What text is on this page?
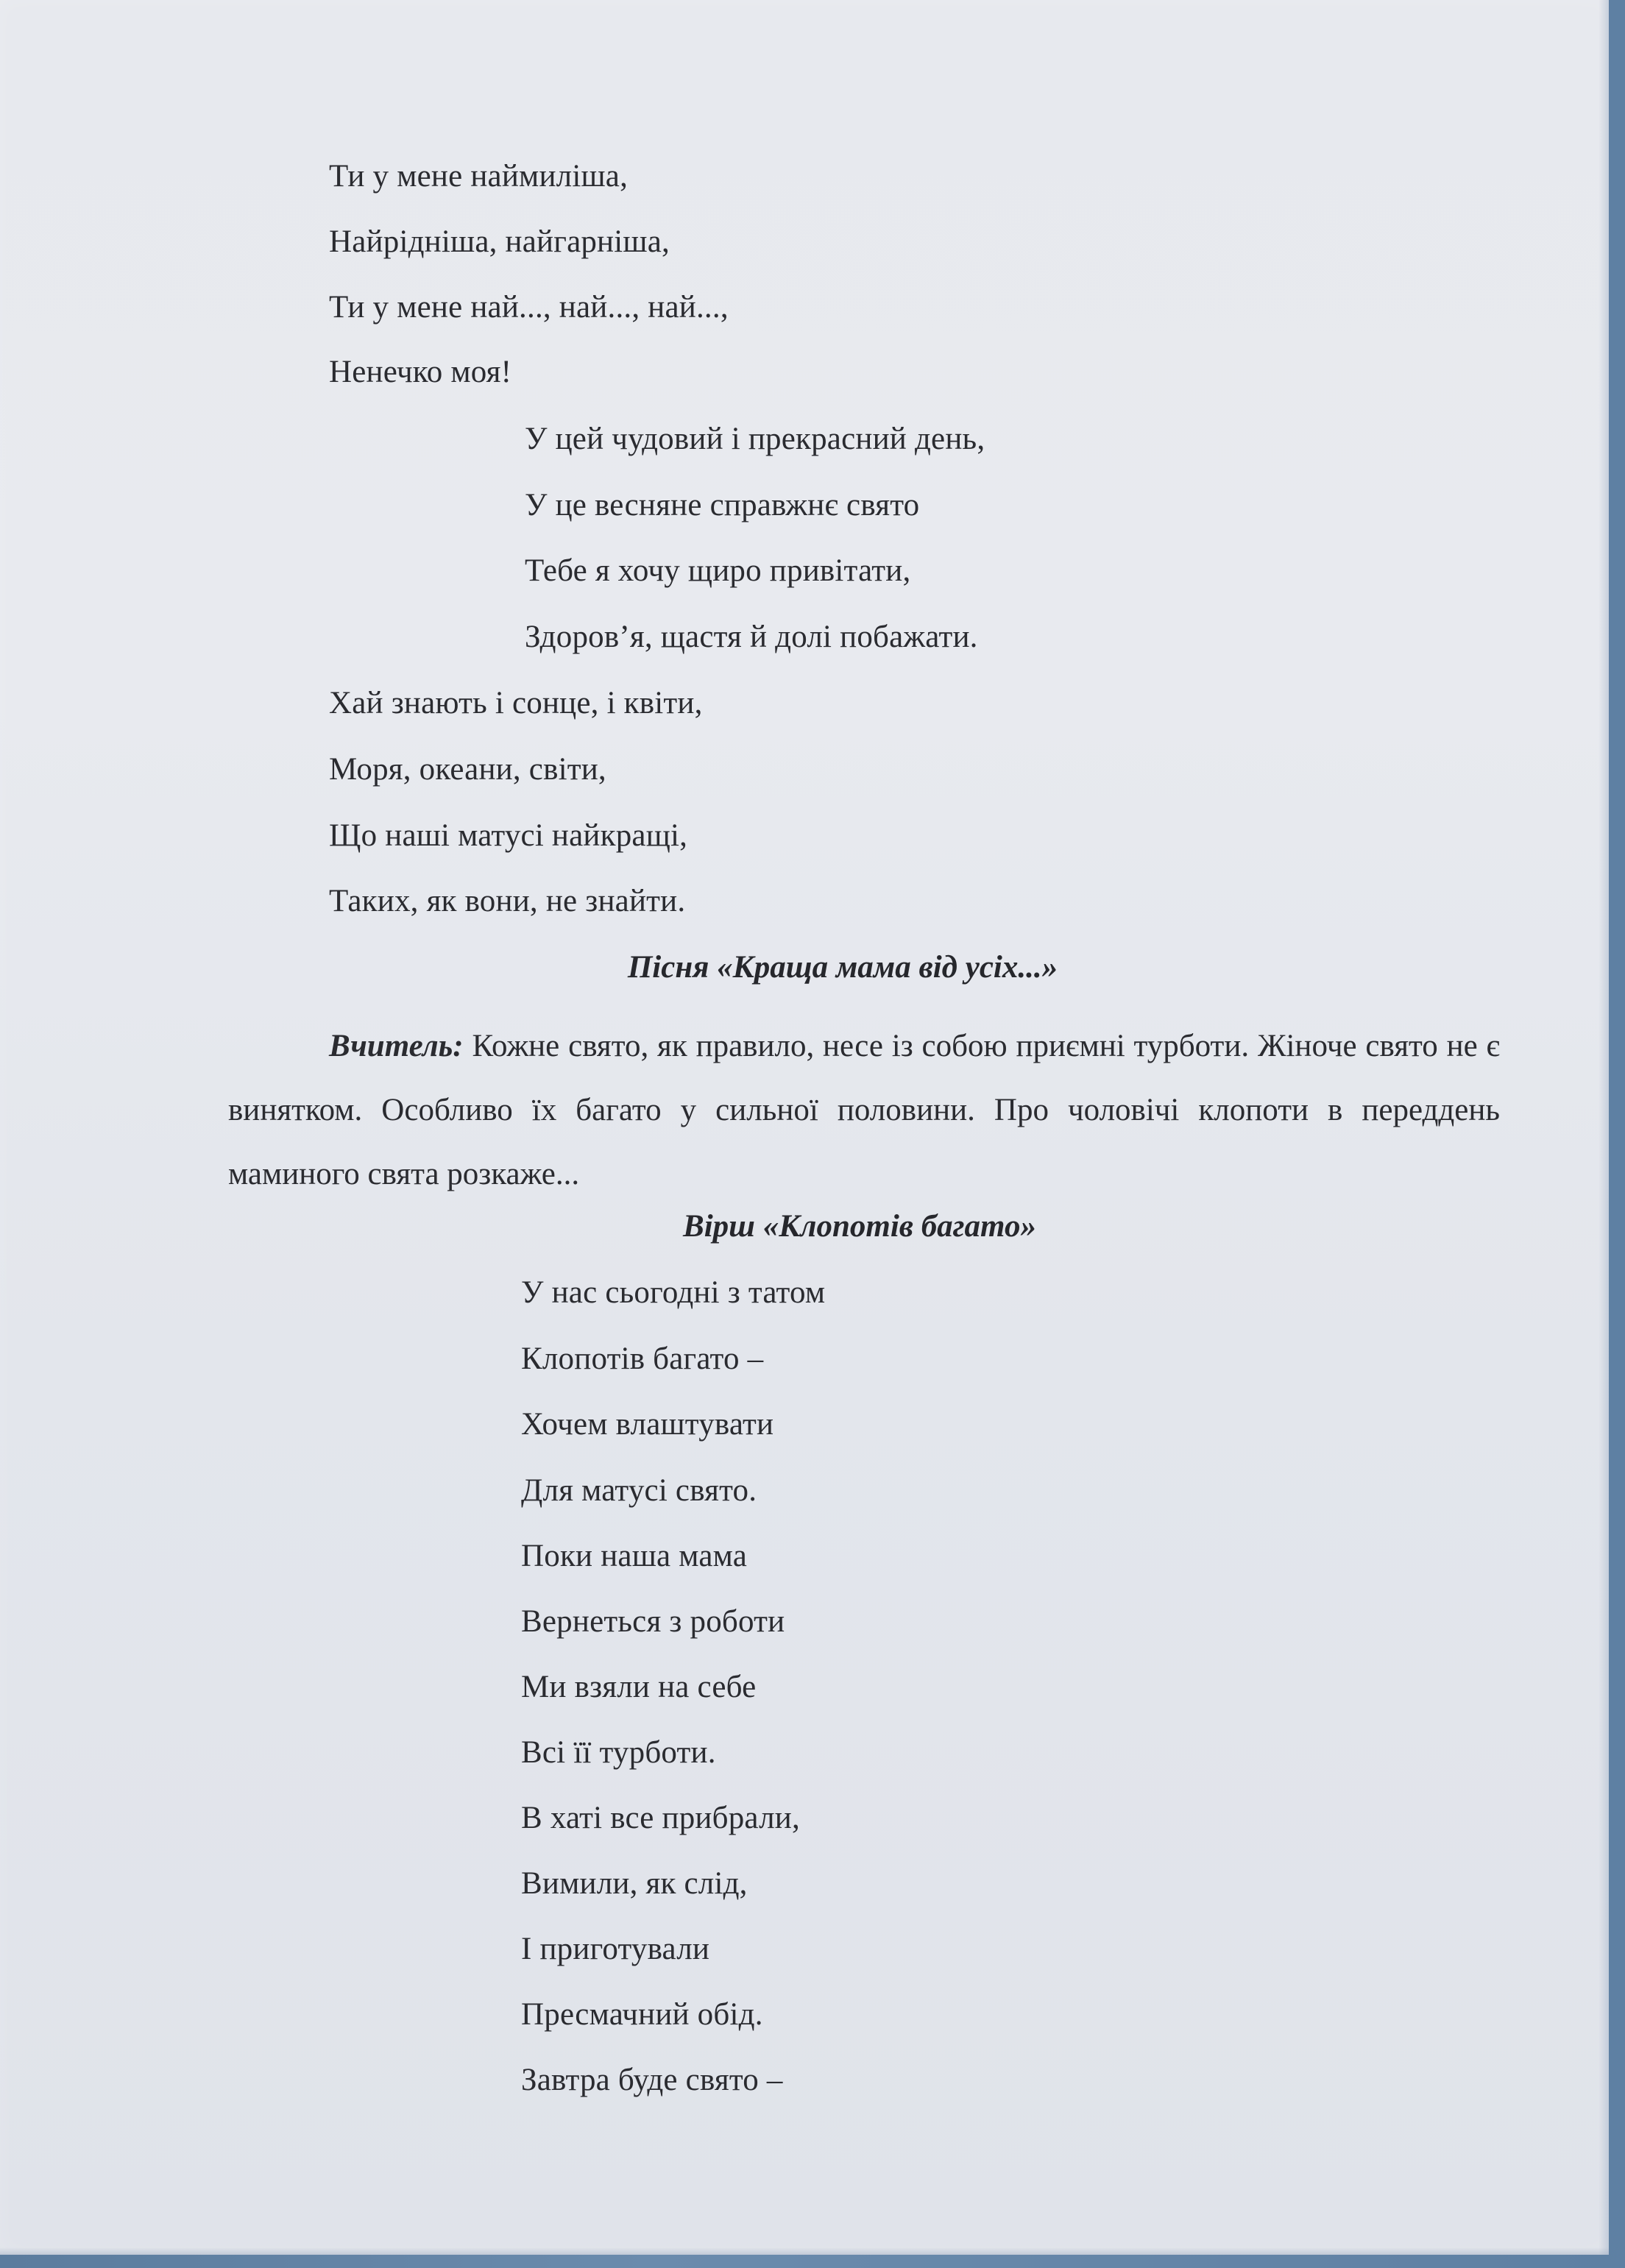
Ти у мене наймиліша,

Найрідніша, найгарніша,

Ти у мене най..., най..., най...,

Ненечко моя!

У цей чудовий і прекрасний день,

У це весняне справжнє свято

Тебе я хочу щиро привітати,

Здоров’я, щастя й долі побажати.

Хай знають і сонце, і квіти,

Моря, океани, світи,

Що наші матусі найкращі,

Таких, як вони, не знайти.

Пісня «Краща мама від усіх...»

Вчитель: Кожне свято, як правило, несе із собою приємні турботи. Жіноче свято не є винятком. Особливо їх багато у сильної половини. Про чоловічі клопоти в переддень маминого свята розкаже...

Вірш «Клопотів багато»

У нас сьогодні з татом

Клопотів багато –

Хочем влаштувати

Для матусі свято.

Поки наша мама

Вернеться з роботи

Ми взяли на себе

Всі її турботи.

В хаті все прибрали,

Вимили, як слід,

І приготували

Пресмачний обід.

Завтра буде свято –
